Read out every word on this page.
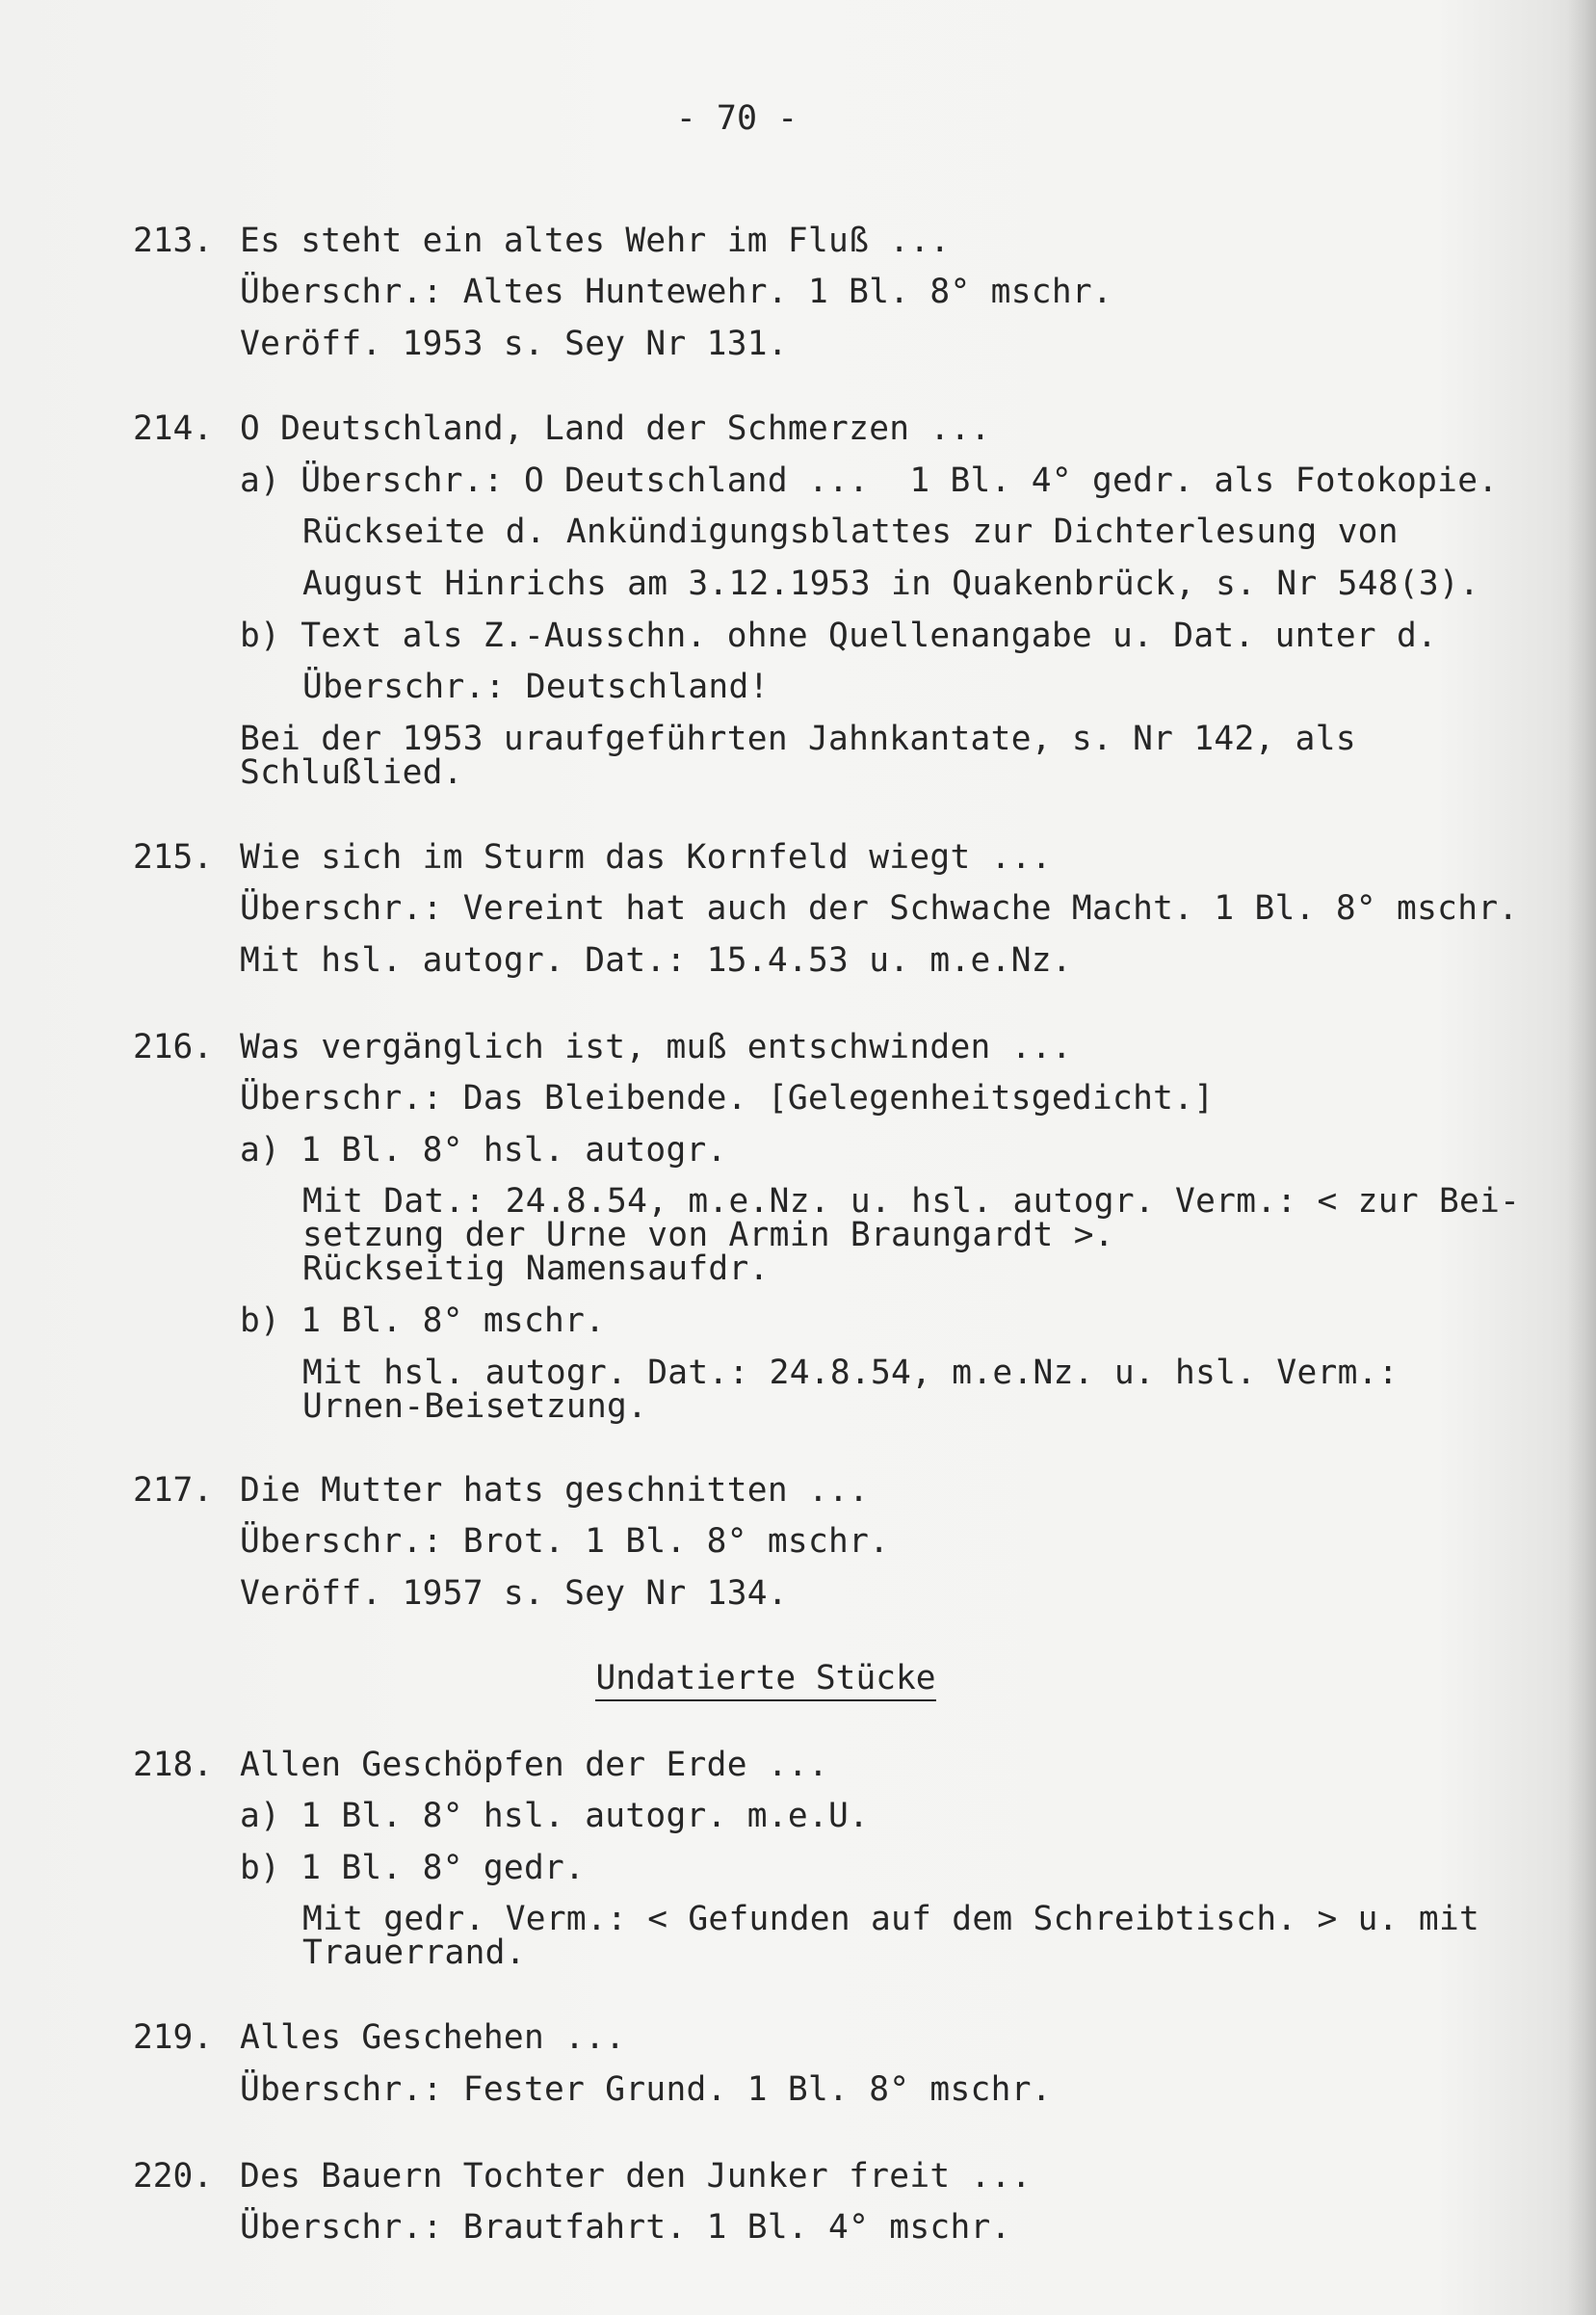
- 70 -
213. Es steht ein altes Wehr im Fluß ...
Überschr.: Altes Huntewehr. 1 Bl. 8° mschr.
Veröff. 1953 s. Sey Nr 131.
214. O Deutschland, Land der Schmerzen ...
a) Überschr.: O Deutschland ...  1 Bl. 4° gedr. als Fotokopie.
Rückseite d. Ankündigungsblattes zur Dichterlesung von
August Hinrichs am 3.12.1953 in Quakenbrück, s. Nr 548(3).
b) Text als Z.-Ausschn. ohne Quellenangabe u. Dat. unter d.
Überschr.: Deutschland!
Bei der 1953 uraufgeführten Jahnkantate, s. Nr 142, als
Schlußlied.
215. Wie sich im Sturm das Kornfeld wiegt ...
Überschr.: Vereint hat auch der Schwache Macht. 1 Bl. 8° mschr.
Mit hsl. autogr. Dat.: 15.4.53 u. m.e.Nz.
216. Was vergänglich ist, muß entschwinden ...
Überschr.: Das Bleibende. [Gelegenheitsgedicht.]
a) 1 Bl. 8° hsl. autogr.
Mit Dat.: 24.8.54, m.e.Nz. u. hsl. autogr. Verm.: < zur Bei-
setzung der Urne von Armin Braungardt >.
Rückseitig Namensaufdr.
b) 1 Bl. 8° mschr.
Mit hsl. autogr. Dat.: 24.8.54, m.e.Nz. u. hsl. Verm.:
Urnen-Beisetzung.
217. Die Mutter hats geschnitten ...
Überschr.: Brot. 1 Bl. 8° mschr.
Veröff. 1957 s. Sey Nr 134.
Undatierte Stücke
218. Allen Geschöpfen der Erde ...
a) 1 Bl. 8° hsl. autogr. m.e.U.
b) 1 Bl. 8° gedr.
Mit gedr. Verm.: < Gefunden auf dem Schreibtisch. > u. mit
Trauerrand.
219. Alles Geschehen ...
Überschr.: Fester Grund. 1 Bl. 8° mschr.
220. Des Bauern Tochter den Junker freit ...
Überschr.: Brautfahrt. 1 Bl. 4° mschr.
